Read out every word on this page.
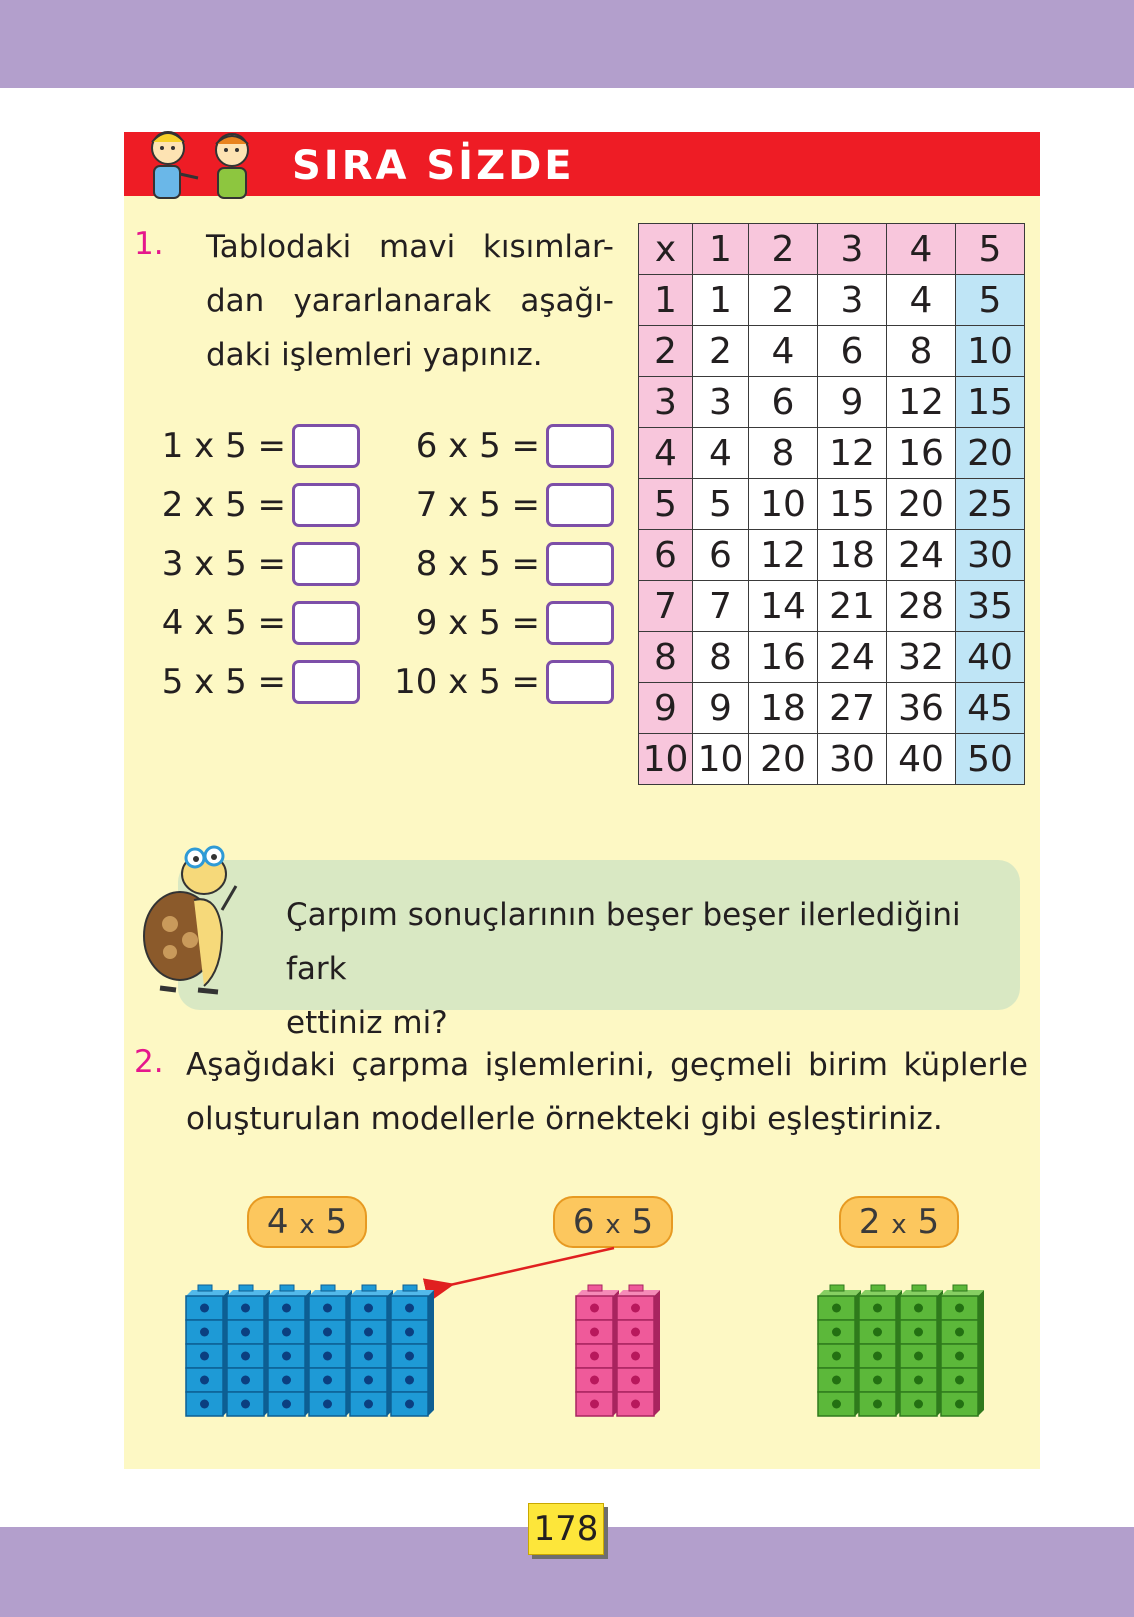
SIRA SİZDE
1. Tablodaki mavi kısımlar-
dan yararlanarak aşağı-
daki işlemleri yapınız.
1 x 5 =
2 x 5 =
3 x 5 =
4 x 5 =
5 x 5 =
6 x 5 =
7 x 5 =
8 x 5 =
9 x 5 =
10 x 5 =
x	1	2	3	4	5
1	1	2	3	4	5
2	2	4	6	8	10
3	3	6	9	12	15
4	4	8	12	16	20
5	5	10	15	20	25
6	6	12	18	24	30
7	7	14	21	28	35
8	8	16	24	32	40
9	9	18	27	36	45
10	10	20	30	40	50
Çarpım sonuçlarının beşer beşer ilerlediğini fark
ettiniz mi?
2. Aşağıdaki çarpma işlemlerini, geçmeli birim küplerle
oluşturulan modellerle örnekteki gibi eşleştiriniz.
4 x 5	6 x 5	2 x 5
178
